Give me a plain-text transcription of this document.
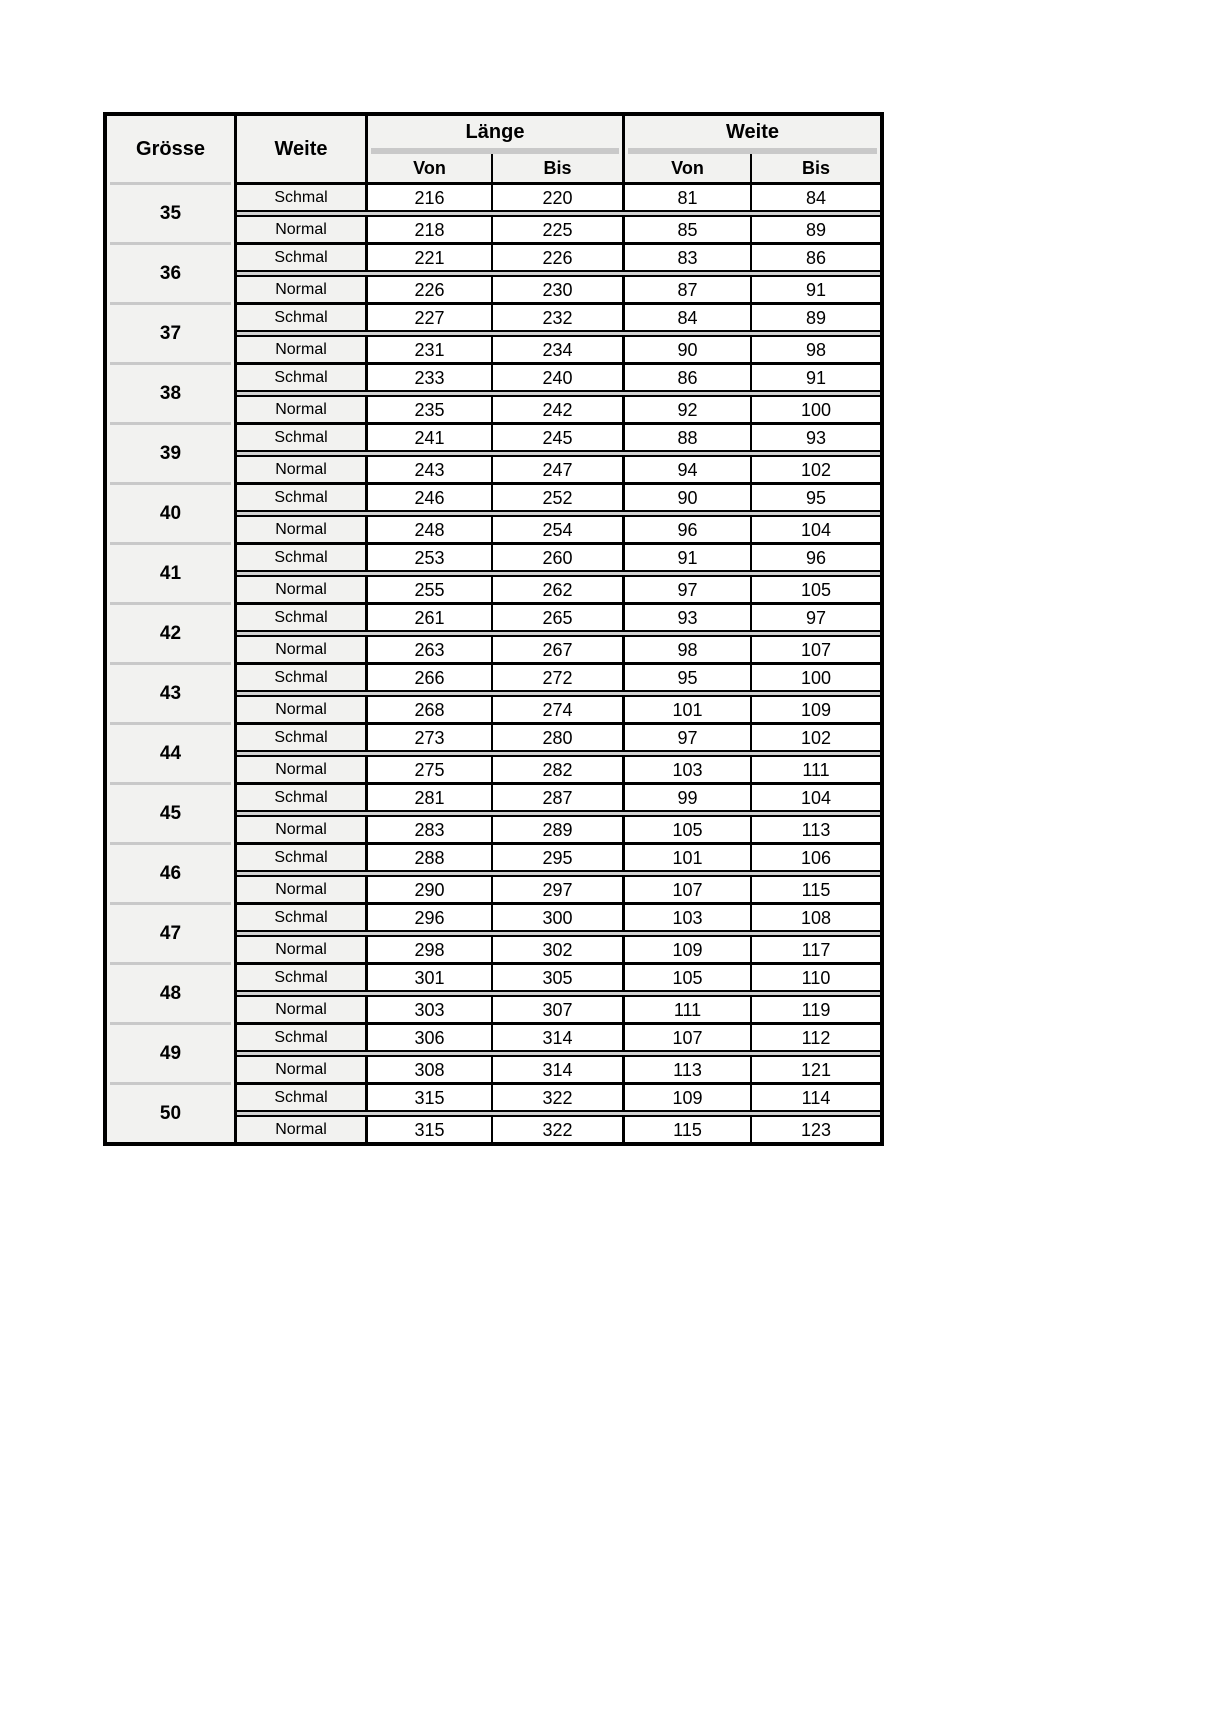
Grösse	Weite
Länge	Weite
Von	Bis	Von	Bis
35
Schmal	216	220	81	84
Normal	218	225	85	89
36
Schmal	221	226	83	86
Normal	226	230	87	91
37
Schmal	227	232	84	89
Normal	231	234	90	98
38
Schmal	233	240	86	91
Normal	235	242	92	100
39
Schmal	241	245	88	93
Normal	243	247	94	102
40
Schmal	246	252	90	95
Normal	248	254	96	104
41
Schmal	253	260	91	96
Normal	255	262	97	105
42
Schmal	261	265	93	97
Normal	263	267	98	107
43
Schmal	266	272	95	100
Normal	268	274	101	109
44
Schmal	273	280	97	102
Normal	275	282	103	111
45
Schmal	281	287	99	104
Normal	283	289	105	113
46
Schmal	288	295	101	106
Normal	290	297	107	115
47
Schmal	296	300	103	108
Normal	298	302	109	117
48
Schmal	301	305	105	110
Normal	303	307	111	119
49
Schmal	306	314	107	112
Normal	308	314	113	121
50
Schmal	315	322	109	114
Normal	315	322	115	123
